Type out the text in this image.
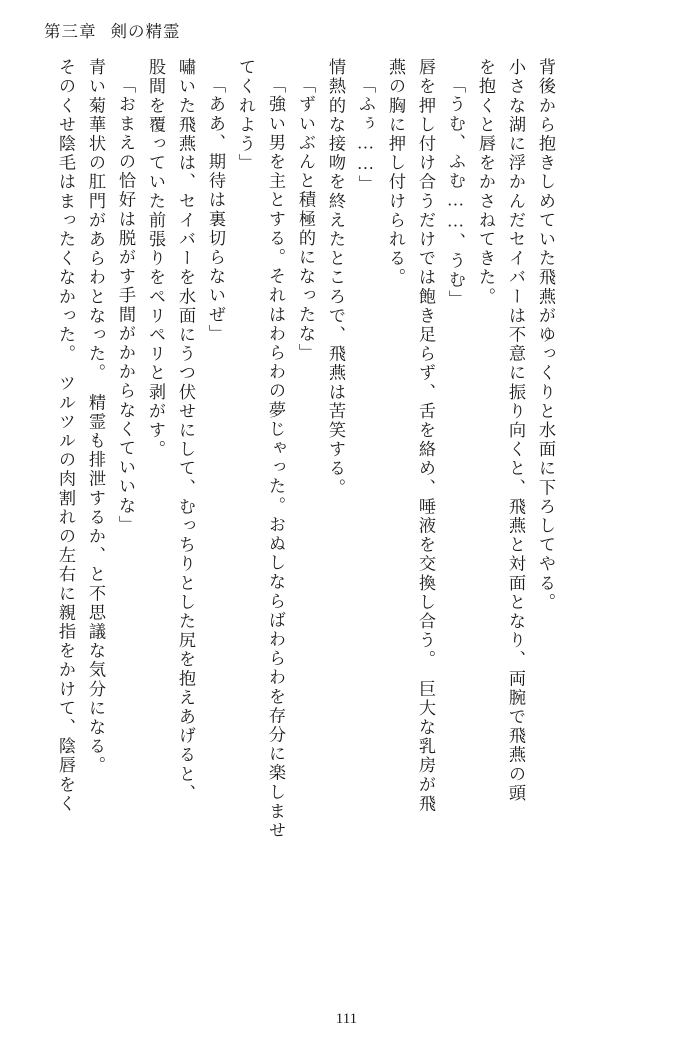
第三章 剣の精霊
そのくせ陰毛はまったくなかった。　ツルツルの肉割れの左右に親指をかけて、陰唇をく 青い菊華状の肛門があらわとなった。　精霊も排泄するか、と不思議な気分になる。 「おまえの恰好は脱がす手間がかからなくていいな」 股間を覆っていた前張りをペリペリと剥がす。 嘯いた飛燕は、セイバーを水面にうつ伏せにして、むっちりとした尻を抱えあげると、 「ああ、期待は裏切らないぜ」 てくれよう」 「強い男を主とする。それはわらわの夢じゃった。おぬしならばわらわを存分に楽しませ 「ずいぶんと積極的になったな」 情熱的な接吻を終えたところで、飛燕は苦笑する。 「ふぅ……」 燕の胸に押し付けられる。 唇を押し付け合うだけでは飽き足らず、舌を絡め、唾液を交換し合う。　巨大な乳房が飛 「うむ、ふむ……、うむ」 を抱くと唇をかさねてきた。 小さな湖に浮かんだセイバーは不意に振り向くと、飛燕と対面となり、両腕で飛燕の頭 背後から抱きしめていた飛燕がゆっくりと水面に下ろしてやる。
111
